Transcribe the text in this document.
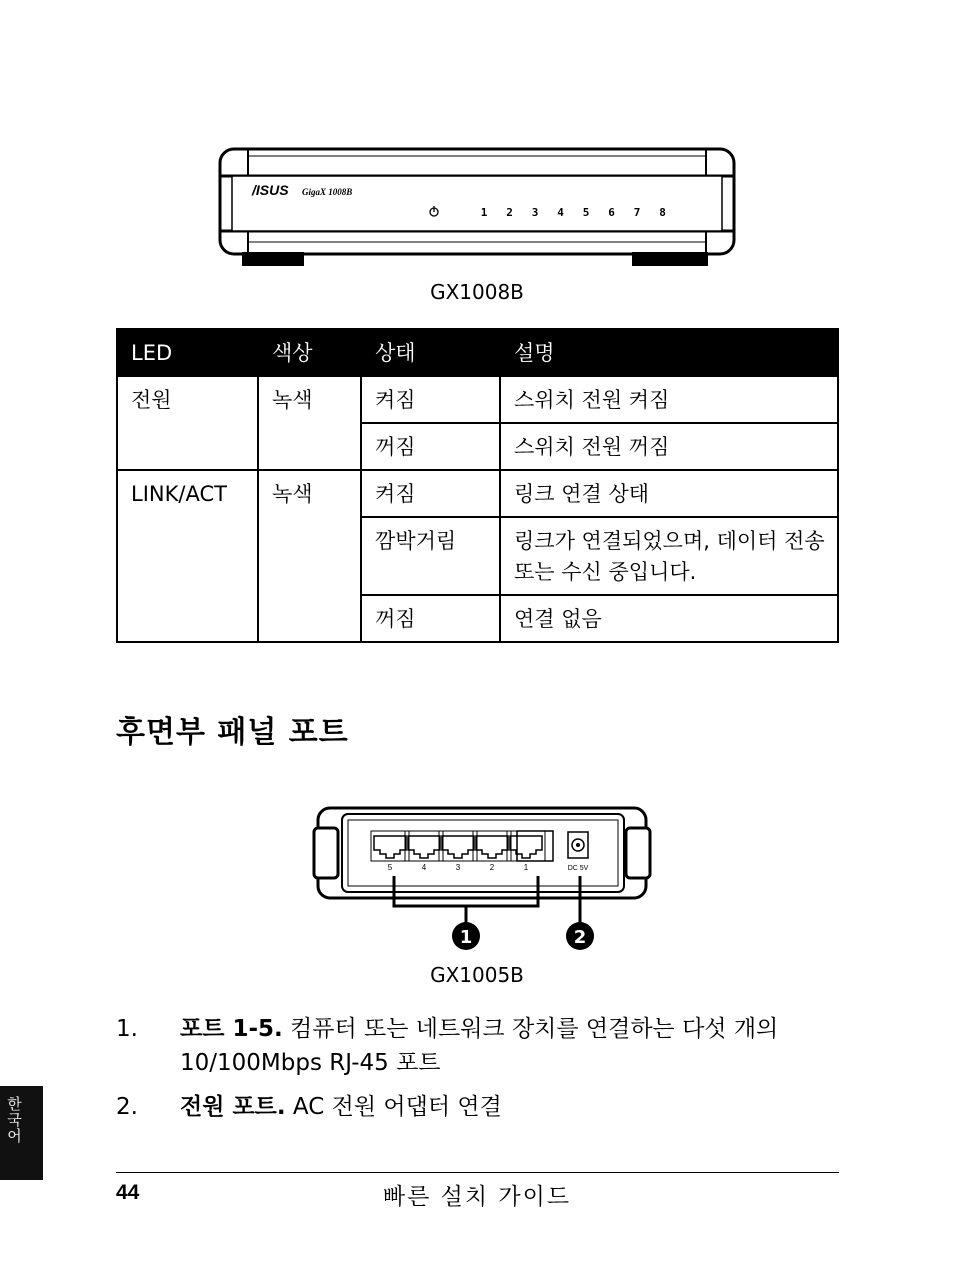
/ISUS GigaX 1008B
1 2 3 4 5 6 7 8
GX1008B
LED	색상	상태	설명
전원	녹색	켜짐	스위치 전원 켜짐
		꺼짐	스위치 전원 꺼짐
LINK/ACT	녹색	켜짐	링크 연결 상태
		깜박거림	링크가 연결되었으며, 데이터 전송 또는 수신 중입니다.
		꺼짐	연결 없음
후면부 패널 포트
5	4	3	2	1	DC 5V
1	2
GX1005B
1. 포트 1-5. 컴퓨터 또는 네트워크 장치를 연결하는 다섯 개의 10/100Mbps RJ-45 포트
2. 전원 포트. AC 전원 어댑터 연결
한국어
44	빠른 설치 가이드
